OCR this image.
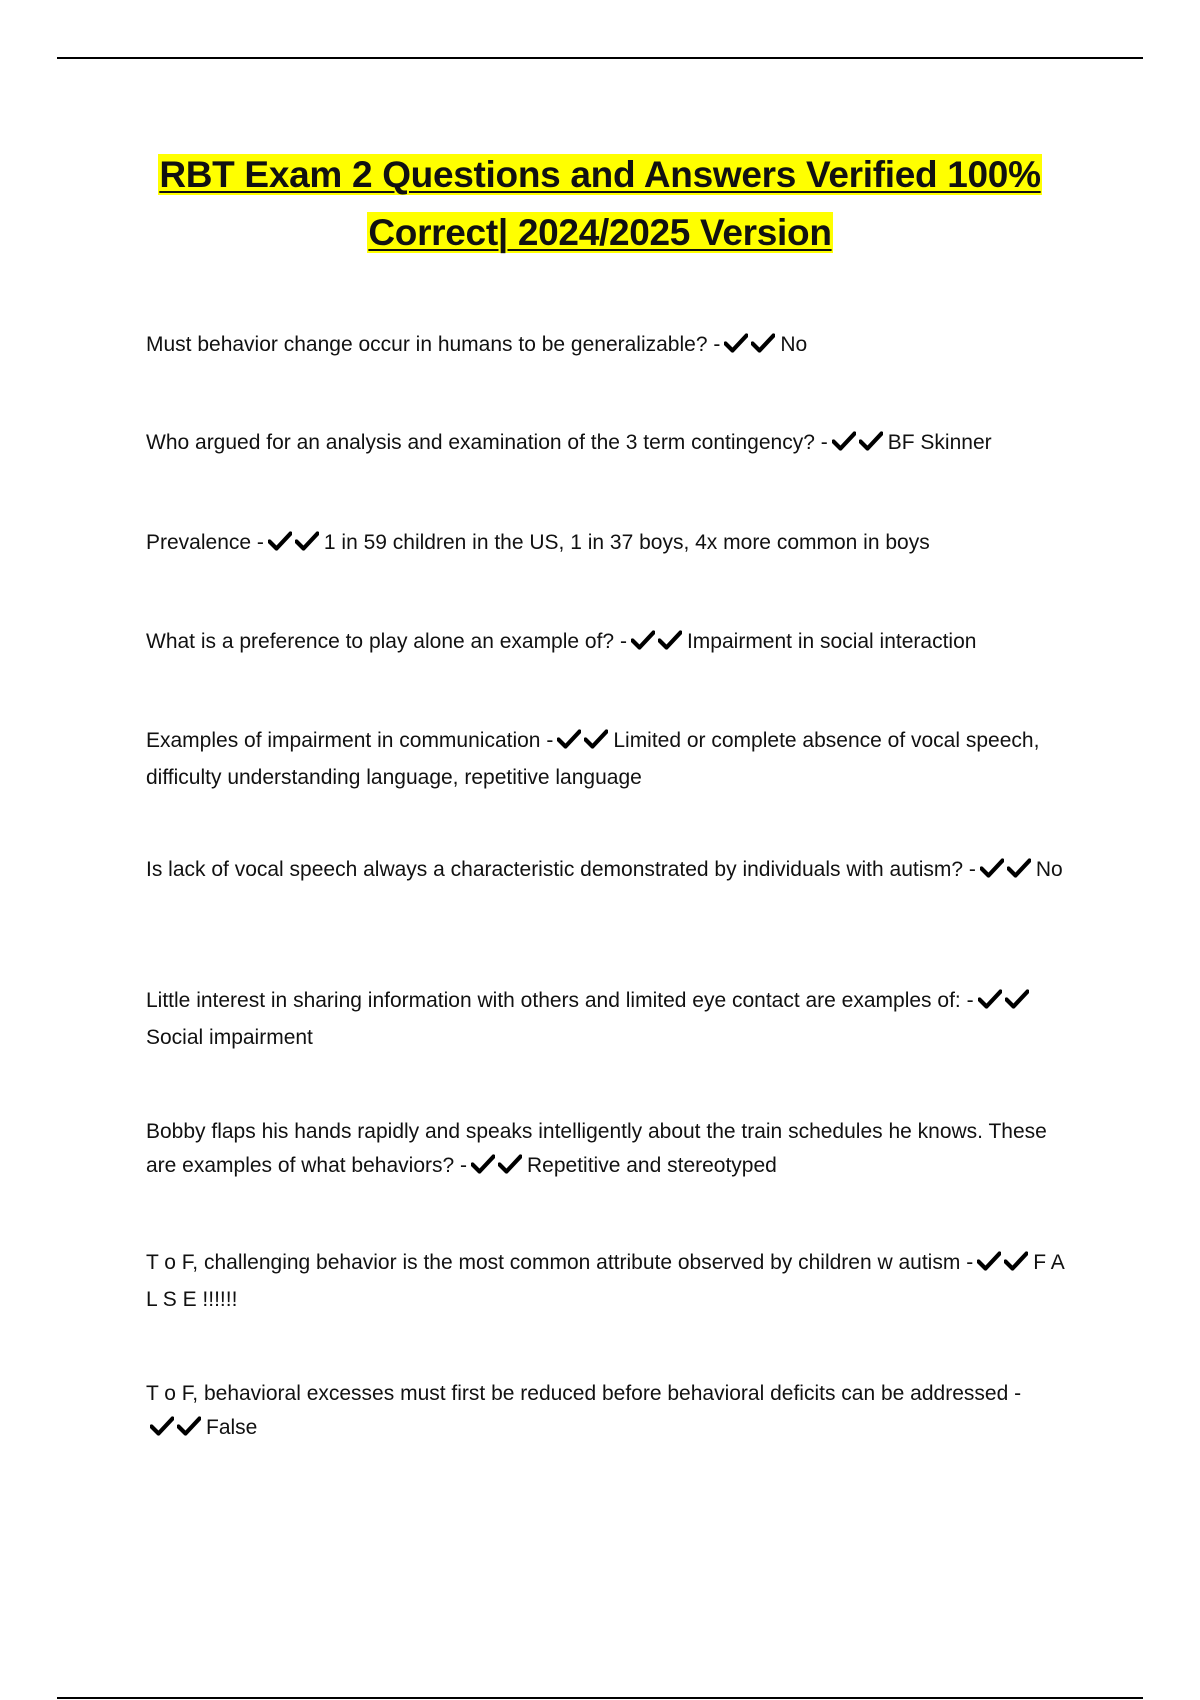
RBT Exam 2 Questions and Answers Verified 100%
Correct| 2024/2025 Version
Must behavior change occur in humans to be generalizable? -	No
Who argued for an analysis and examination of the 3 term contingency? -	BF Skinner
Prevalence -	1 in 59 children in the US, 1 in 37 boys, 4x more common in boys
What is a preference to play alone an example of? -	Impairment in social interaction
Examples of impairment in communication -	Limited or complete absence of vocal speech, difficulty understanding language, repetitive language
Is lack of vocal speech always a characteristic demonstrated by individuals with autism? -	No
Little interest in sharing information with others and limited eye contact are examples of: -
Social impairment
Bobby flaps his hands rapidly and speaks intelligently about the train schedules he knows. These are examples of what behaviors? -	Repetitive and stereotyped
T o F, challenging behavior is the most common attribute observed by children w autism -	F A L S E !!!!!!
T o F, behavioral excesses must first be reduced before behavioral deficits can be addressed -
False
